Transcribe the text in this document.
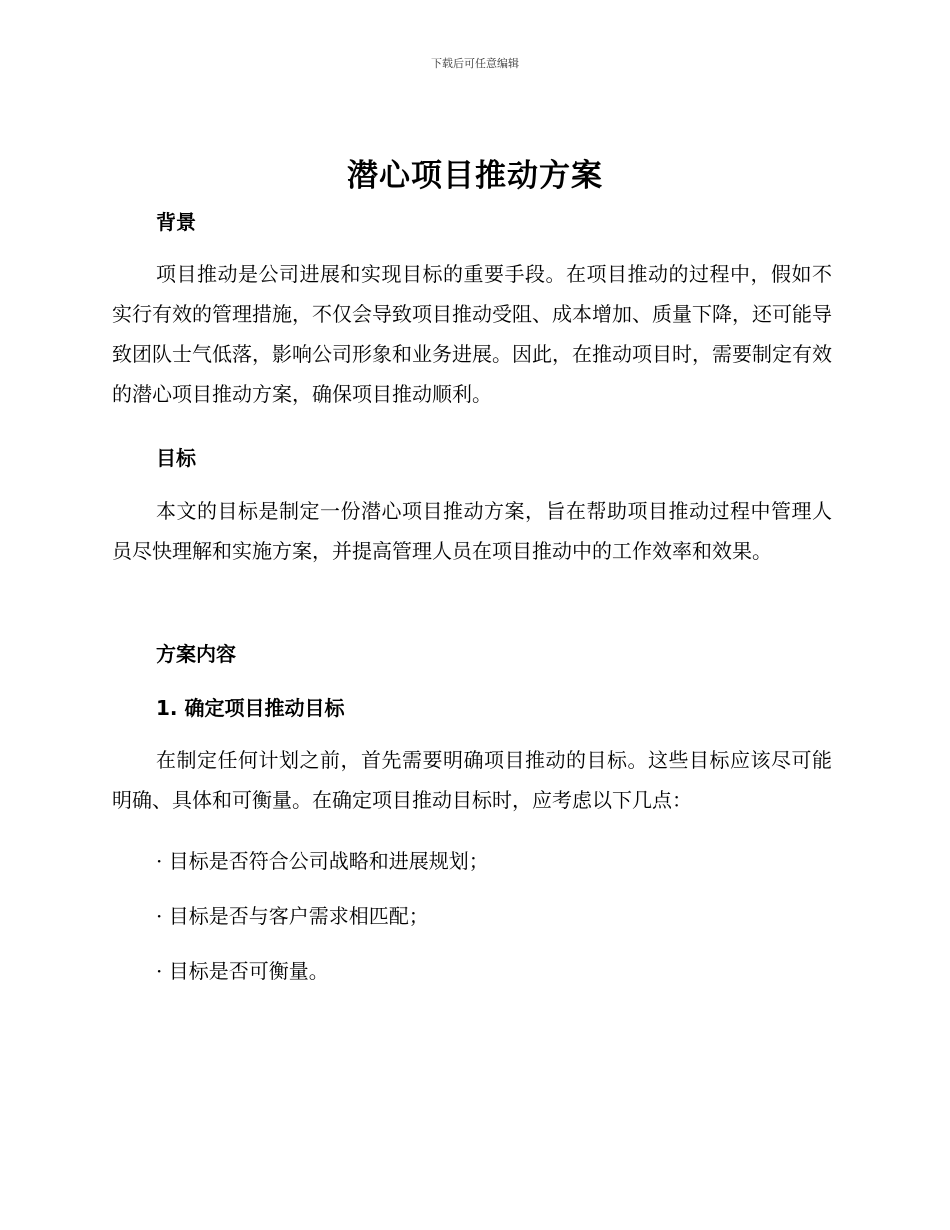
下载后可任意编辑
潜心项目推动方案
背景
项目推动是公司进展和实现目标的重要手段。在项目推动的过程中，假如不实行有效的管理措施，不仅会导致项目推动受阻、成本增加、质量下降，还可能导致团队士气低落，影响公司形象和业务进展。因此，在推动项目时，需要制定有效的潜心项目推动方案，确保项目推动顺利。
目标
本文的目标是制定一份潜心项目推动方案，旨在帮助项目推动过程中管理人员尽快理解和实施方案，并提高管理人员在项目推动中的工作效率和效果。
方案内容
1. 确定项目推动目标
在制定任何计划之前，首先需要明确项目推动的目标。这些目标应该尽可能明确、具体和可衡量。在确定项目推动目标时，应考虑以下几点：
· 目标是否符合公司战略和进展规划；
· 目标是否与客户需求相匹配；
· 目标是否可衡量。
